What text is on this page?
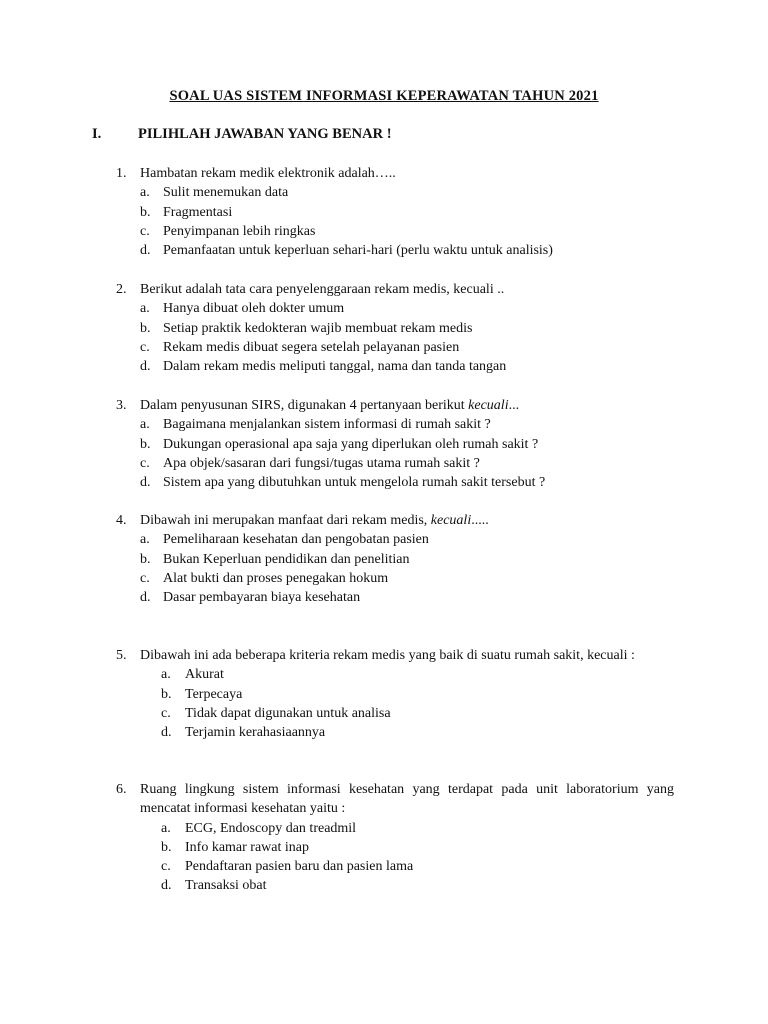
SOAL UAS SISTEM INFORMASI KEPERAWATAN TAHUN 2021
I.	PILIHLAH JAWABAN YANG BENAR !
1. Hambatan rekam medik elektronik adalah…..
a. Sulit menemukan data
b. Fragmentasi
c. Penyimpanan lebih ringkas
d. Pemanfaatan untuk keperluan sehari-hari (perlu waktu untuk analisis)
2. Berikut adalah tata cara penyelenggaraan rekam medis, kecuali ..
a. Hanya dibuat oleh dokter umum
b. Setiap praktik kedokteran wajib membuat rekam medis
c. Rekam medis dibuat segera setelah pelayanan pasien
d. Dalam rekam medis meliputi tanggal, nama dan tanda tangan
3. Dalam penyusunan SIRS, digunakan 4 pertanyaan berikut kecuali...
a. Bagaimana menjalankan sistem informasi di rumah sakit ?
b. Dukungan operasional apa saja yang diperlukan oleh rumah sakit ?
c. Apa objek/sasaran dari fungsi/tugas utama rumah sakit ?
d. Sistem apa yang dibutuhkan untuk mengelola rumah sakit tersebut ?
4. Dibawah ini merupakan manfaat dari rekam medis, kecuali.....
a. Pemeliharaan kesehatan dan pengobatan pasien
b. Bukan Keperluan pendidikan dan penelitian
c. Alat bukti dan proses penegakan hokum
d. Dasar pembayaran biaya kesehatan
5. Dibawah ini ada beberapa kriteria rekam medis yang baik di suatu rumah sakit, kecuali :
a. Akurat
b. Terpecaya
c. Tidak dapat digunakan untuk analisa
d. Terjamin kerahasiaannya
6. Ruang lingkung sistem informasi kesehatan yang terdapat pada unit laboratorium yang mencatat informasi kesehatan yaitu :
a. ECG, Endoscopy dan treadmil
b. Info kamar rawat inap
c. Pendaftaran pasien baru dan pasien lama
d. Transaksi obat
